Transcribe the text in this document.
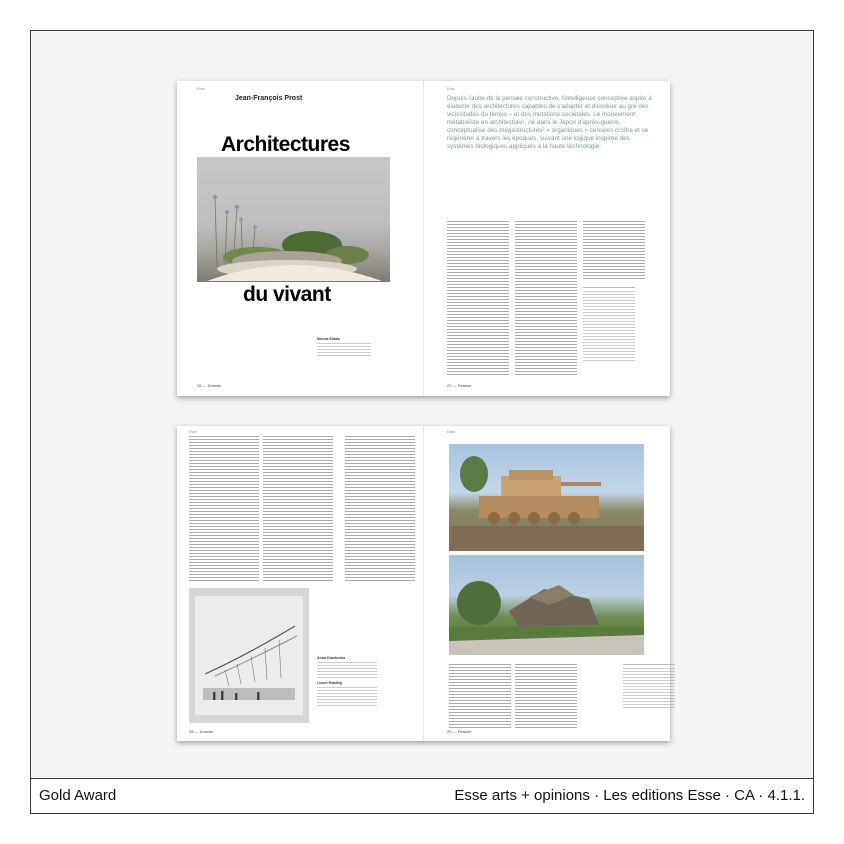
Esse	Esse
Jean-François Prost
Architectures
du vivant
Depuis l'aube de la pensée constructive, l'intelligence conceptive aspire à élaborer des architectures capables de s'adapter et d'évoluer au gré des vicissitudes du temps – et des mutations sociétales. Le mouvement métaboliste en architecture¹, né dans le Japon d'après-guerre, conceptualise des mégastructures² « organiques » censées croître et se régénérer à travers les époques, suivant une logique inspirée des systèmes biologiques appliqués à la haute technologie.
Mircea Eliade
26 — Dossier	27 — Feature
Esse	Esse
Anna Dowbenko
Lionel Estelleg
28 — Dossier	29 — Feature
Gold Award	Esse arts + opinions · Les editions Esse · CA · 4.1.1.
